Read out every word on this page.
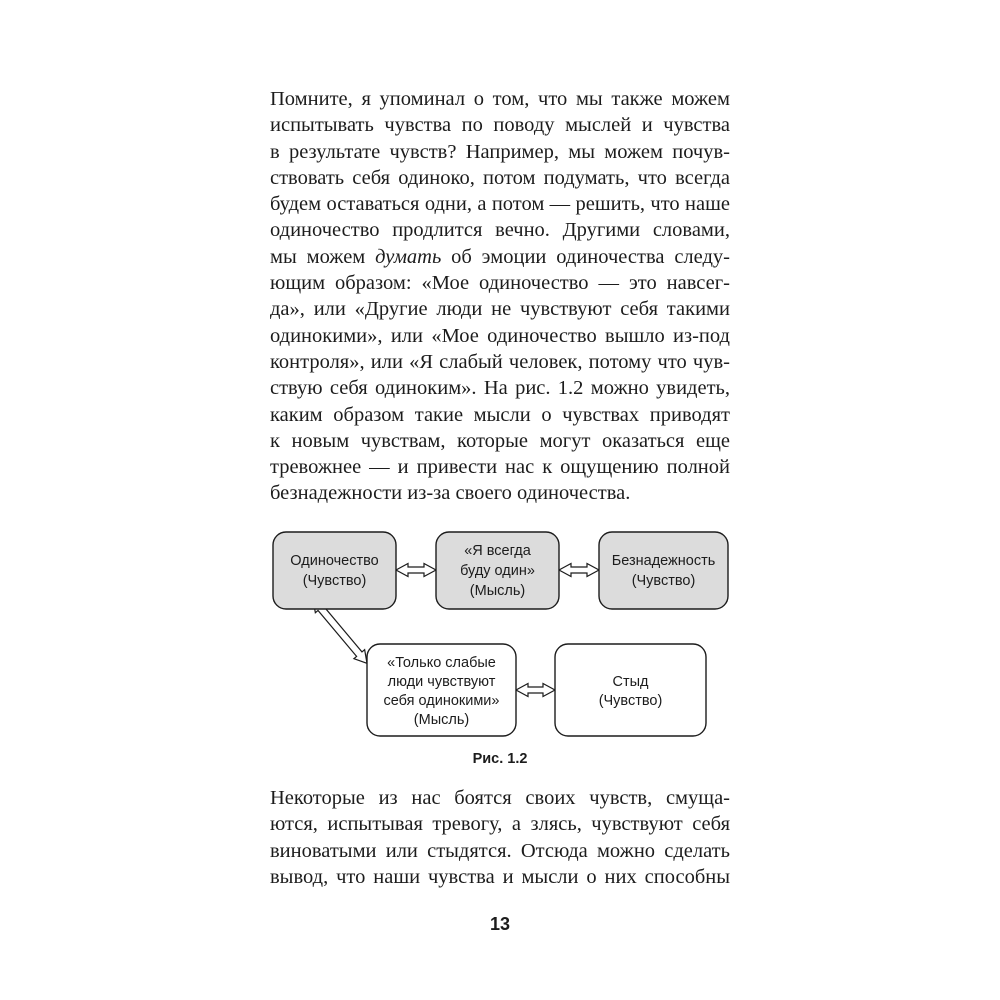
Помните, я упоминал о том, что мы также можем
испытывать чувства по поводу мыслей и чувства
в результате чувств? Например, мы можем почув-
ствовать себя одиноко, потом подумать, что всегда
будем оставаться одни, а потом — решить, что наше
одиночество продлится вечно. Другими словами,
мы можем думать об эмоции одиночества следу-
ющим образом: «Мое одиночество — это навсег-
да», или «Другие люди не чувствуют себя такими
одинокими», или «Мое одиночество вышло из-под
контроля», или «Я слабый человек, потому что чув-
ствую себя одиноким». На рис. 1.2 можно увидеть,
каким образом такие мысли о чувствах приводят
к новым чувствам, которые могут оказаться еще
тревожнее — и привести нас к ощущению полной
безнадежности из-за своего одиночества.
Одиночество
(Чувство)
«Я всегда
буду один»
(Мысль)
Безнадежность
(Чувство)
«Только слабые
люди чувствуют
себя одинокими»
(Мысль)
Стыд
(Чувство)
Рис. 1.2
Некоторые из нас боятся своих чувств, смуща-
ются, испытывая тревогу, а злясь, чувствуют себя
виноватыми или стыдятся. Отсюда можно сделать
вывод, что наши чувства и мысли о них способны
13
